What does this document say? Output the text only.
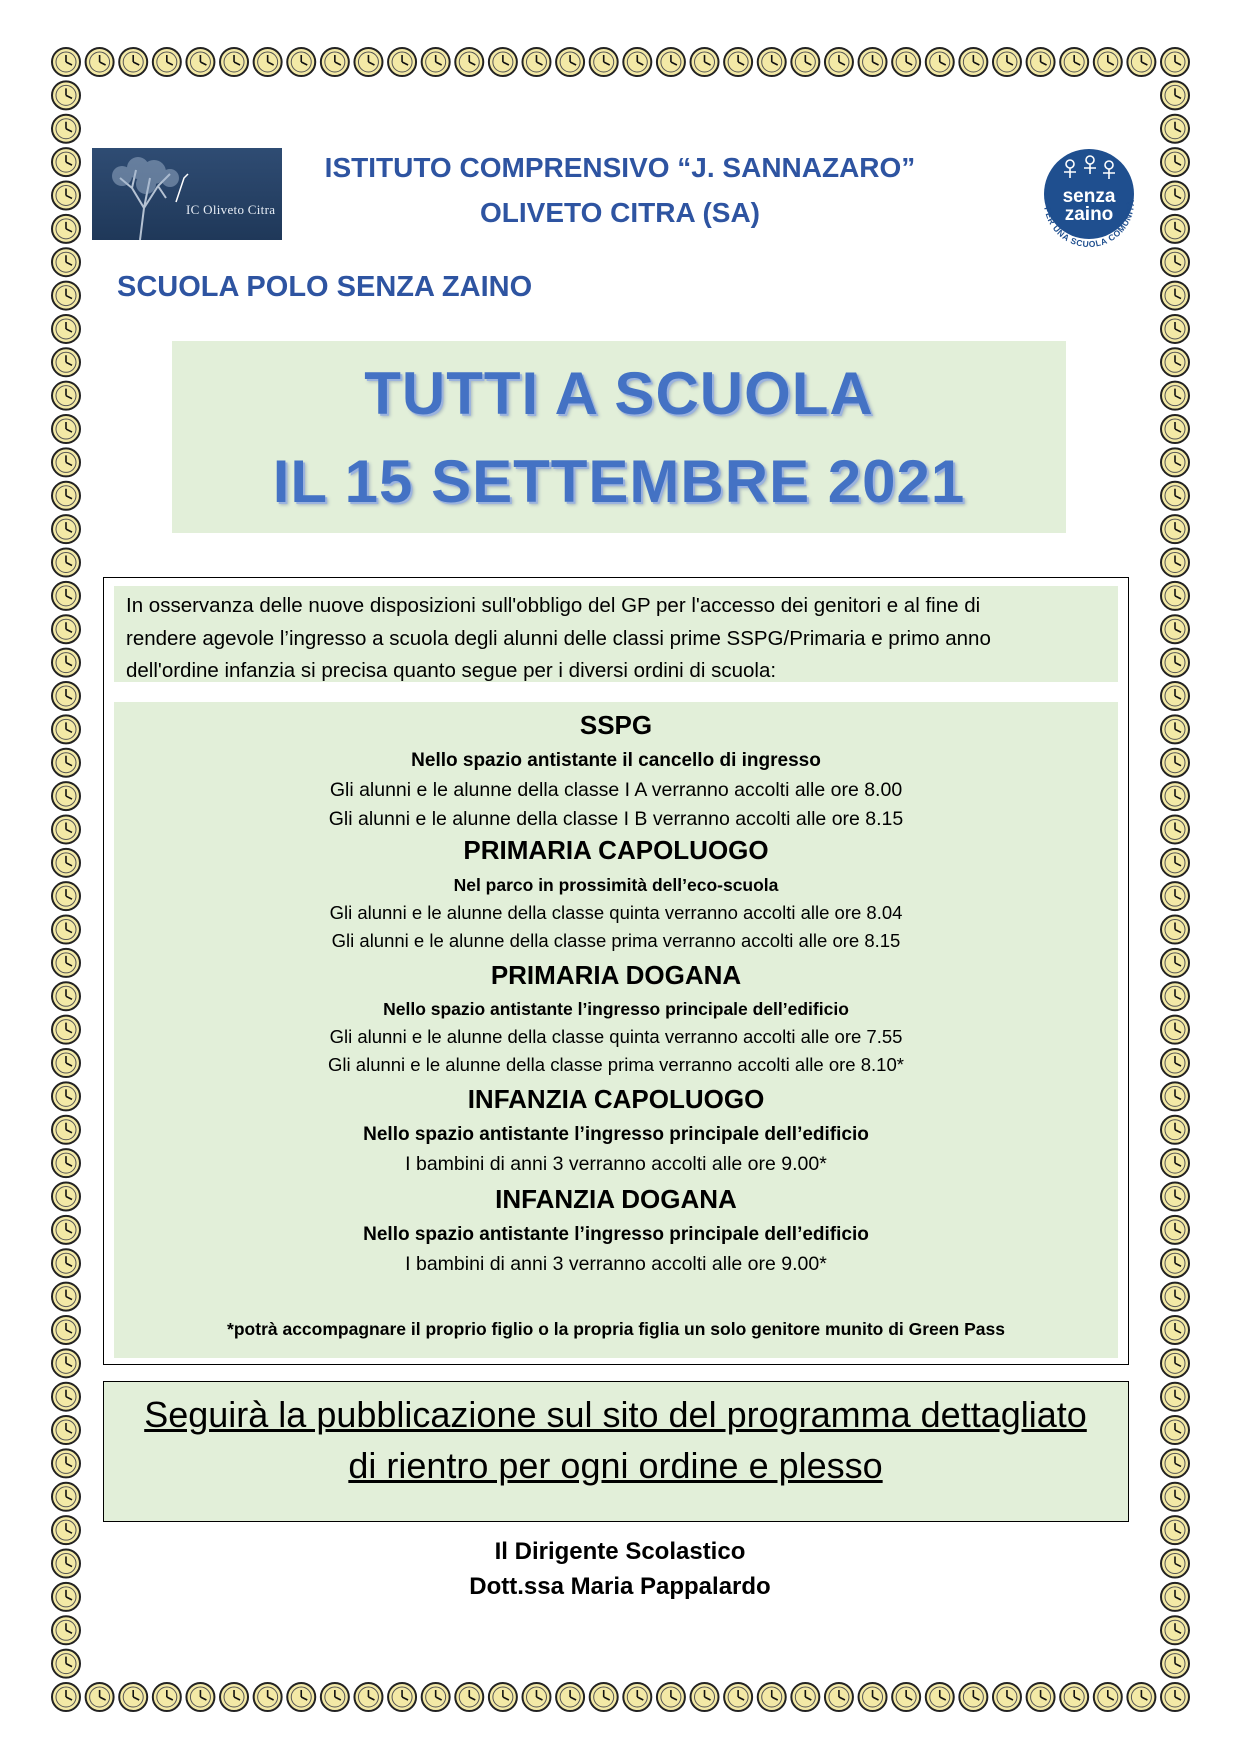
IC Oliveto Citra
ISTITUTO COMPRENSIVO “J. SANNAZARO”
OLIVETO CITRA (SA)
senza
zaino
PER UNA SCUOLA COMUNITÀ
SCUOLA POLO SENZA ZAINO
TUTTI A SCUOLA
IL 15 SETTEMBRE 2021
In osservanza delle nuove disposizioni sull'obbligo del GP per l'accesso dei genitori e al fine di
rendere agevole l’ingresso a scuola degli alunni delle classi prime SSPG/Primaria e primo anno
dell'ordine infanzia si precisa quanto segue per i diversi ordini di scuola:
SSPG
Nello spazio antistante il cancello di ingresso
Gli alunni e le alunne della classe I A verranno accolti alle ore 8.00
Gli alunni e le alunne della classe I B verranno accolti alle ore 8.15
PRIMARIA CAPOLUOGO
Nel parco in prossimità dell’eco-scuola
Gli alunni e le alunne della classe quinta verranno accolti alle ore 8.04
Gli alunni e le alunne della classe prima verranno accolti alle ore 8.15
PRIMARIA DOGANA
Nello spazio antistante l’ingresso principale dell’edificio
Gli alunni e le alunne della classe quinta verranno accolti alle ore 7.55
Gli alunni e le alunne della classe prima verranno accolti alle ore 8.10*
INFANZIA CAPOLUOGO
Nello spazio antistante l’ingresso principale dell’edificio
I bambini di anni 3 verranno accolti alle ore 9.00*
INFANZIA DOGANA
Nello spazio antistante l’ingresso principale dell’edificio
I bambini di anni 3 verranno accolti alle ore 9.00*
*potrà accompagnare il proprio figlio o la propria figlia un solo genitore munito di Green Pass
Seguirà la pubblicazione sul sito del programma dettagliato
di rientro per ogni ordine e plesso
Il Dirigente Scolastico
Dott.ssa Maria Pappalardo
